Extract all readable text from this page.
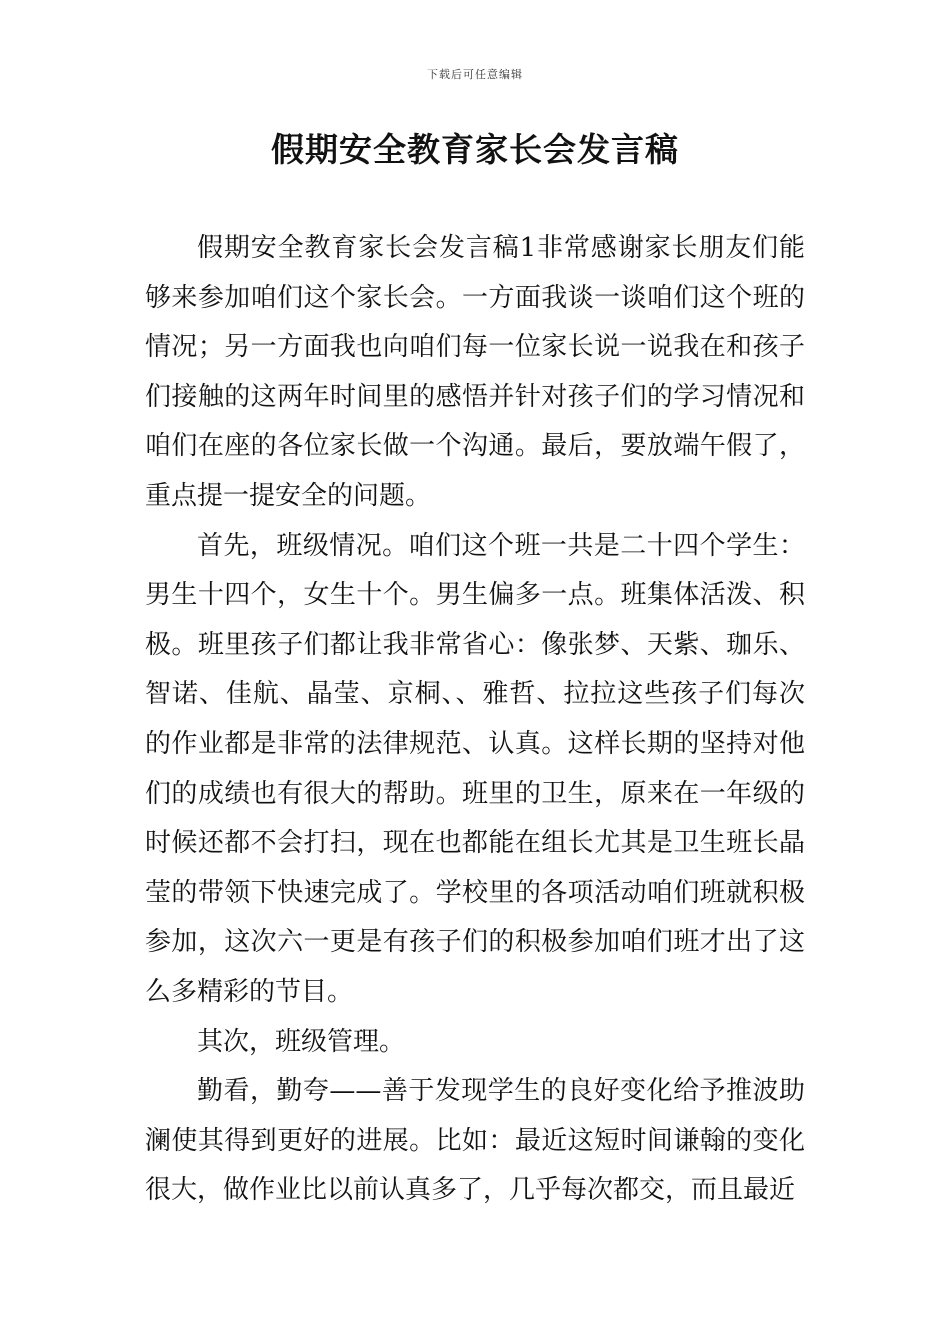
下载后可任意编辑
假期安全教育家长会发言稿

假期安全教育家长会发言稿1非常感谢家长朋友们能够来参加咱们这个家长会。一方面我谈一谈咱们这个班的情况；另一方面我也向咱们每一位家长说一说我在和孩子们接触的这两年时间里的感悟并针对孩子们的学习情况和咱们在座的各位家长做一个沟通。最后，要放端午假了，重点提一提安全的问题。

首先，班级情况。咱们这个班一共是二十四个学生：男生十四个，女生十个。男生偏多一点。班集体活泼、积极。班里孩子们都让我非常省心：像张梦、天紫、珈乐、智诺、佳航、晶莹、京桐、、雅哲、拉拉这些孩子们每次的作业都是非常的法律规范、认真。这样长期的坚持对他们的成绩也有很大的帮助。班里的卫生，原来在一年级的时候还都不会打扫，现在也都能在组长尤其是卫生班长晶莹的带领下快速完成了。学校里的各项活动咱们班就积极参加，这次六一更是有孩子们的积极参加咱们班才出了这么多精彩的节目。

其次，班级管理。

勤看，勤夸——善于发现学生的良好变化给予推波助澜使其得到更好的进展。比如：最近这短时间谦翰的变化很大，做作业比以前认真多了，几乎每次都交，而且最近
